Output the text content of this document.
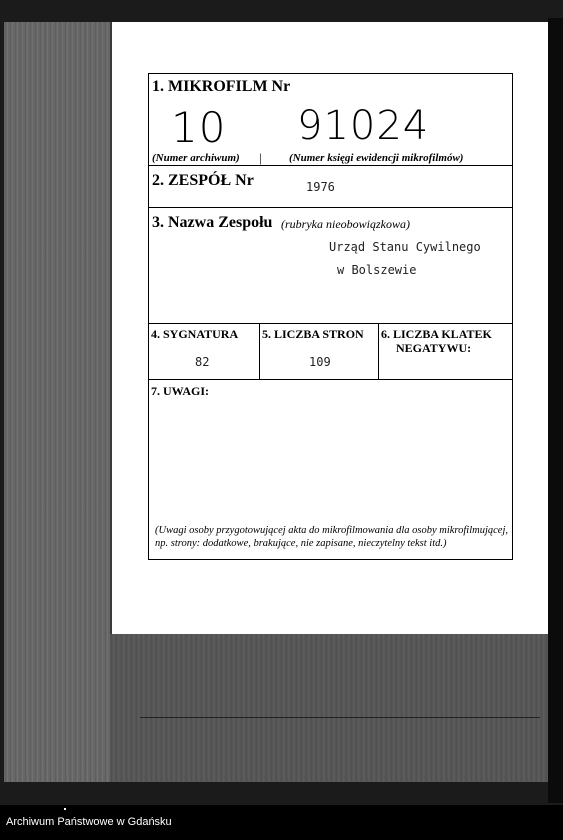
1. MIKROFILM Nr
10 91024
(Numer archiwum) | (Numer księgi ewidencji mikrofilmów)
2. ZESPÓŁ Nr	1976
3. Nazwa Zespołu (rubryka nieobowiązkowa)
Urząd Stanu Cywilnego
w Bolszewie
4. SYGNATURA
82
5. LICZBA STRON
109
6. LICZBA KLATEK
NEGATYWU:
7. UWAGI:
(Uwagi osoby przygotowującej akta do mikrofilmowania dla osoby mikrofilmującej,
np. strony: dodatkowe, brakujące, nie zapisane, nieczytelny tekst itd.)
Archiwum Państwowe w Gdańsku
